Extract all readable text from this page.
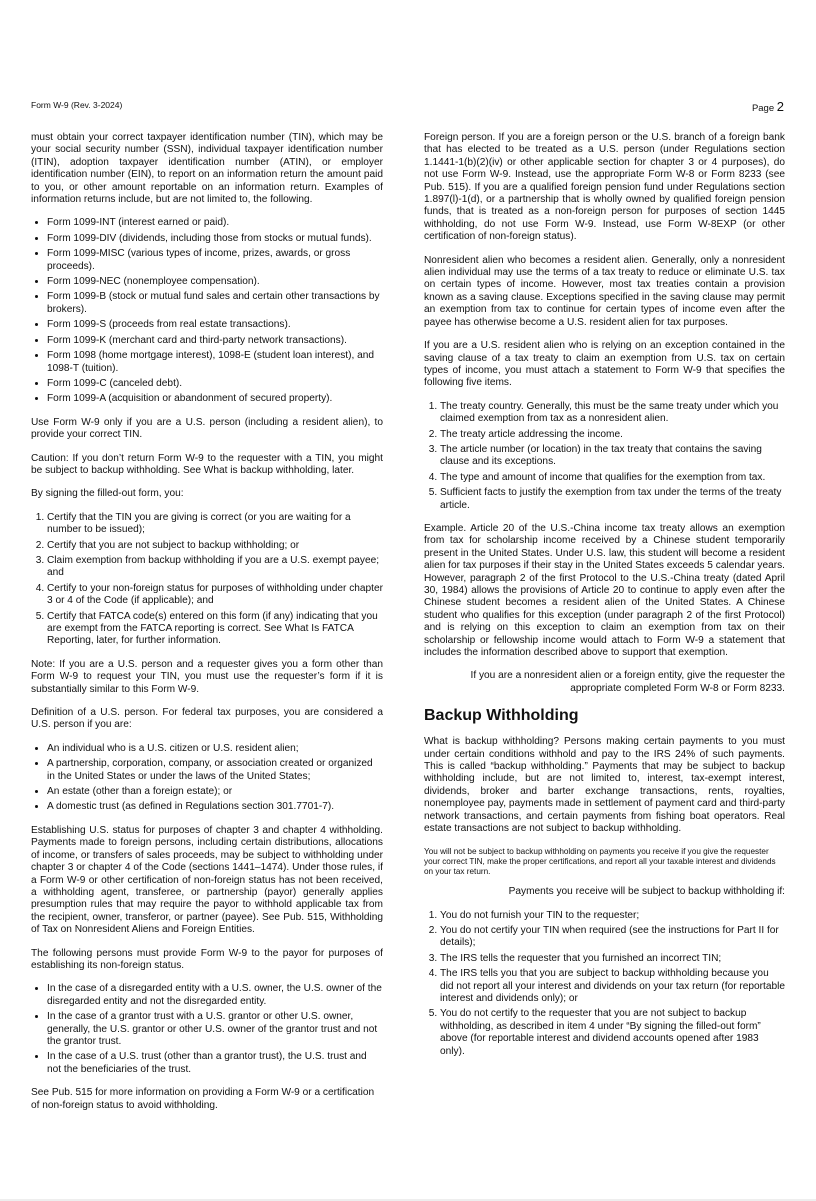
Form W-9 (Rev. 3-2024)	Page 2

must obtain your correct taxpayer identification number (TIN), which may be your social security number (SSN), individual taxpayer identification number (ITIN), adoption taxpayer identification number (ATIN), or employer identification number (EIN), to report on an information return the amount paid to you, or other amount reportable on an information return. Examples of information returns include, but are not limited to, the following.

• Form 1099-INT (interest earned or paid).
• Form 1099-DIV (dividends, including those from stocks or mutual funds).
• Form 1099-MISC (various types of income, prizes, awards, or gross proceeds).
• Form 1099-NEC (nonemployee compensation).
• Form 1099-B (stock or mutual fund sales and certain other transactions by brokers).
• Form 1099-S (proceeds from real estate transactions).
• Form 1099-K (merchant card and third-party network transactions).
• Form 1098 (home mortgage interest), 1098-E (student loan interest), and 1098-T (tuition).
• Form 1099-C (canceled debt).
• Form 1099-A (acquisition or abandonment of secured property).

Use Form W-9 only if you are a U.S. person (including a resident alien), to provide your correct TIN.

Caution: If you don’t return Form W-9 to the requester with a TIN, you might be subject to backup withholding. See What is backup withholding, later.

By signing the filled-out form, you:

1. Certify that the TIN you are giving is correct (or you are waiting for a number to be issued);
2. Certify that you are not subject to backup withholding; or
3. Claim exemption from backup withholding if you are a U.S. exempt payee; and
4. Certify to your non-foreign status for purposes of withholding under chapter 3 or 4 of the Code (if applicable); and
5. Certify that FATCA code(s) entered on this form (if any) indicating that you are exempt from the FATCA reporting is correct. See What Is FATCA Reporting, later, for further information.

Note: If you are a U.S. person and a requester gives you a form other than Form W-9 to request your TIN, you must use the requester’s form if it is substantially similar to this Form W-9.

Definition of a U.S. person. For federal tax purposes, you are considered a U.S. person if you are:

• An individual who is a U.S. citizen or U.S. resident alien;
• A partnership, corporation, company, or association created or organized in the United States or under the laws of the United States;
• An estate (other than a foreign estate); or
• A domestic trust (as defined in Regulations section 301.7701-7).

Establishing U.S. status for purposes of chapter 3 and chapter 4 withholding. Payments made to foreign persons, including certain distributions, allocations of income, or transfers of sales proceeds, may be subject to withholding under chapter 3 or chapter 4 of the Code (sections 1441–1474). Under those rules, if a Form W-9 or other certification of non-foreign status has not been received, a withholding agent, transferee, or partnership (payor) generally applies presumption rules that may require the payor to withhold applicable tax from the recipient, owner, transferor, or partner (payee). See Pub. 515, Withholding of Tax on Nonresident Aliens and Foreign Entities.

The following persons must provide Form W-9 to the payor for purposes of establishing its non-foreign status.

• In the case of a disregarded entity with a U.S. owner, the U.S. owner of the disregarded entity and not the disregarded entity.
• In the case of a grantor trust with a U.S. grantor or other U.S. owner, generally, the U.S. grantor or other U.S. owner of the grantor trust and not the grantor trust.
• In the case of a U.S. trust (other than a grantor trust), the U.S. trust and not the beneficiaries of the trust.

See Pub. 515 for more information on providing a Form W-9 or a certification of non-foreign status to avoid withholding.

Foreign person. If you are a foreign person or the U.S. branch of a foreign bank that has elected to be treated as a U.S. person (under Regulations section 1.1441-1(b)(2)(iv) or other applicable section for chapter 3 or 4 purposes), do not use Form W-9. Instead, use the appropriate Form W-8 or Form 8233 (see Pub. 515). If you are a qualified foreign pension fund under Regulations section 1.897(l)-1(d), or a partnership that is wholly owned by qualified foreign pension funds, that is treated as a non-foreign person for purposes of section 1445 withholding, do not use Form W-9. Instead, use Form W-8EXP (or other certification of non-foreign status).

Nonresident alien who becomes a resident alien. Generally, only a nonresident alien individual may use the terms of a tax treaty to reduce or eliminate U.S. tax on certain types of income. However, most tax treaties contain a provision known as a saving clause. Exceptions specified in the saving clause may permit an exemption from tax to continue for certain types of income even after the payee has otherwise become a U.S. resident alien for tax purposes.

If you are a U.S. resident alien who is relying on an exception contained in the saving clause of a tax treaty to claim an exemption from U.S. tax on certain types of income, you must attach a statement to Form W-9 that specifies the following five items.

1. The treaty country. Generally, this must be the same treaty under which you claimed exemption from tax as a nonresident alien.
2. The treaty article addressing the income.
3. The article number (or location) in the tax treaty that contains the saving clause and its exceptions.
4. The type and amount of income that qualifies for the exemption from tax.
5. Sufficient facts to justify the exemption from tax under the terms of the treaty article.

Example. Article 20 of the U.S.-China income tax treaty allows an exemption from tax for scholarship income received by a Chinese student temporarily present in the United States. Under U.S. law, this student will become a resident alien for tax purposes if their stay in the United States exceeds 5 calendar years. However, paragraph 2 of the first Protocol to the U.S.-China treaty (dated April 30, 1984) allows the provisions of Article 20 to continue to apply even after the Chinese student becomes a resident alien of the United States. A Chinese student who qualifies for this exception (under paragraph 2 of the first Protocol) and is relying on this exception to claim an exemption from tax on their scholarship or fellowship income would attach to Form W-9 a statement that includes the information described above to support that exemption.

If you are a nonresident alien or a foreign entity, give the requester the appropriate completed Form W-8 or Form 8233.

Backup Withholding

What is backup withholding? Persons making certain payments to you must under certain conditions withhold and pay to the IRS 24% of such payments. This is called “backup withholding.” Payments that may be subject to backup withholding include, but are not limited to, interest, tax-exempt interest, dividends, broker and barter exchange transactions, rents, royalties, nonemployee pay, payments made in settlement of payment card and third-party network transactions, and certain payments from fishing boat operators. Real estate transactions are not subject to backup withholding.

You will not be subject to backup withholding on payments you receive if you give the requester your correct TIN, make the proper certifications, and report all your taxable interest and dividends on your tax return.

Payments you receive will be subject to backup withholding if:

1. You do not furnish your TIN to the requester;
2. You do not certify your TIN when required (see the instructions for Part II for details);
3. The IRS tells the requester that you furnished an incorrect TIN;
4. The IRS tells you that you are subject to backup withholding because you did not report all your interest and dividends on your tax return (for reportable interest and dividends only); or
5. You do not certify to the requester that you are not subject to backup withholding, as described in item 4 under “By signing the filled-out form” above (for reportable interest and dividend accounts opened after 1983 only).
